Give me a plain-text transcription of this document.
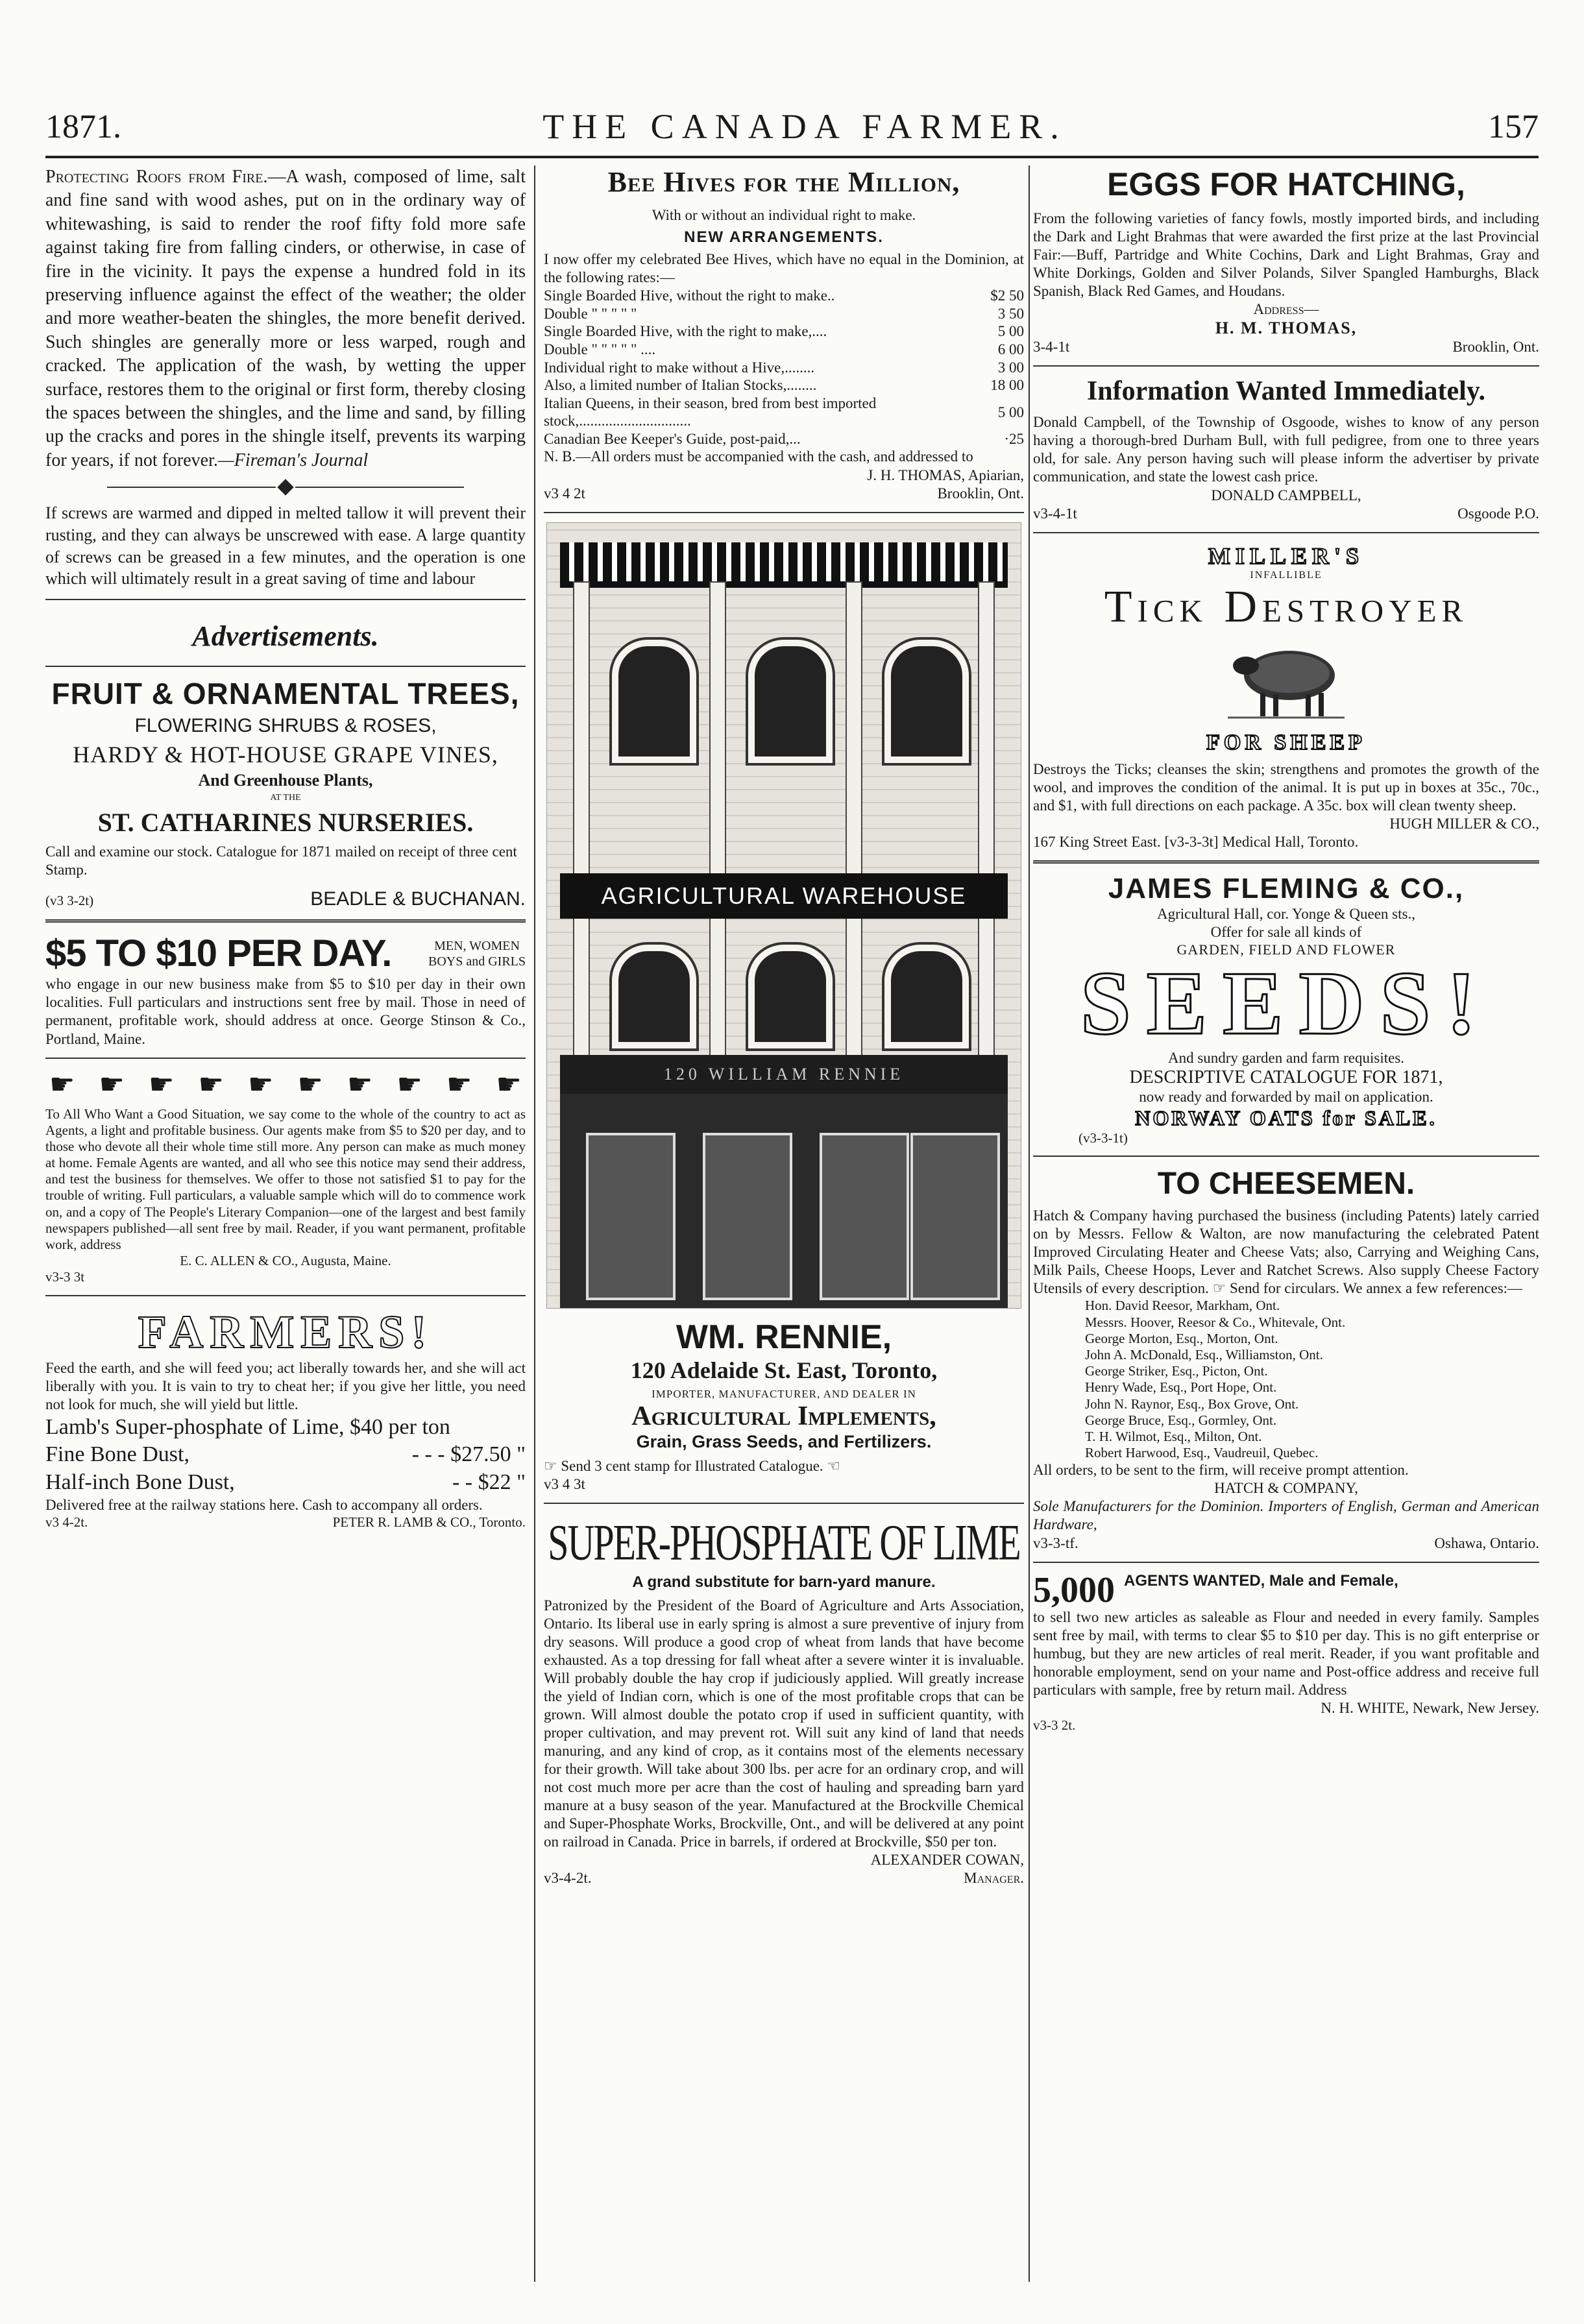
1871.	THE CANADA FARMER.	157

Protecting Roofs from Fire.—A wash, composed of lime, salt and fine sand with wood ashes, put on in the ordinary way of whitewashing, is said to render the roof fifty fold more safe against taking fire from falling cinders, or otherwise, in case of fire in the vicinity. It pays the expense a hundred fold in its preserving influence against the effect of the weather; the older and more weather-beaten the shingles, the more benefit derived. Such shingles are generally more or less warped, rough and cracked. The application of the wash, by wetting the upper surface, restores them to the original or first form, thereby closing the spaces between the shingles, and the lime and sand, by filling up the cracks and pores in the shingle itself, prevents its warping for years, if not forever.—Fireman's Journal

If screws are warmed and dipped in melted tallow it will prevent their rusting, and they can always be unscrewed with ease. A large quantity of screws can be greased in a few minutes, and the operation is one which will ultimately result in a great saving of time and labour
Advertisements.
FRUIT & ORNAMENTAL TREES,
FLOWERING SHRUBS & ROSES,
HARDY & HOT-HOUSE GRAPE VINES,
And Greenhouse Plants,
AT THE
ST. CATHARINES NURSERIES.
Call and examine our stock. Catalogue for 1871 mailed on receipt of three cent Stamp.
(v3 3-2t)	BEADLE & BUCHANAN.
$5 TO $10 PER DAY.	MEN, WOMEN
BOYS and GIRLS
who engage in our new business make from $5 to $10 per day in their own localities. Full particulars and instructions sent free by mail. Those in need of permanent, profitable work, should address at once. George Stinson & Co., Portland, Maine.
☛ ☛ ☛ ☛ ☛ ☛ ☛ ☛ ☛ ☛
To All Who Want a Good Situation, we say come to the whole of the country to act as Agents, a light and profitable business. Our agents make from $5 to $20 per day, and to those who devote all their whole time still more. Any person can make as much money at home. Female Agents are wanted, and all who see this notice may send their address, and test the business for themselves. We offer to those not satisfied $1 to pay for the trouble of writing. Full particulars, a valuable sample which will do to commence work on, and a copy of The People's Literary Companion—one of the largest and best family newspapers published—all sent free by mail. Reader, if you want permanent, profitable work, address
E. C. ALLEN & CO., Augusta, Maine.
v3-3 3t
FARMERS!
Feed the earth, and she will feed you; act liberally towards her, and she will act liberally with you. It is vain to try to cheat her; if you give her little, you need not look for much, she will yield but little.
Lamb's Super-phosphate of Lime, $40 per ton
Fine Bone Dust,	- - - $27.50 "
Half-inch Bone Dust,	- - $22 "
Delivered free at the railway stations here. Cash to accompany all orders.
v3 4-2t.	PETER R. LAMB & CO., Toronto.
Bee Hives for the Million,
With or without an individual right to make.
NEW ARRANGEMENTS.
I now offer my celebrated Bee Hives, which have no equal in the Dominion, at the following rates:—
Single Boarded Hive, without the right to make..	$2 50
Double " " " " "	3 50
Single Boarded Hive, with the right to make,....	5 00
Double " " " " " ....	6 00
Individual right to make without a Hive,........	3 00
Also, a limited number of Italian Stocks,........	18 00
Italian Queens, in their season, bred from best imported stock,..............................	5 00
Canadian Bee Keeper's Guide, post-paid,...	·25
N. B.—All orders must be accompanied with the cash, and addressed to
J. H. THOMAS, Apiarian,
v3 4 2t	Brooklin, Ont.
AGRICULTURAL WAREHOUSE
120 WILLIAM RENNIE
WM. RENNIE,
120 Adelaide St. East, Toronto,
IMPORTER, MANUFACTURER, AND DEALER IN
Agricultural Implements,
Grain, Grass Seeds, and Fertilizers.
☞ Send 3 cent stamp for Illustrated Catalogue. ☜
v3 4 3t
SUPER-PHOSPHATE OF LIME
A grand substitute for barn-yard manure.
Patronized by the President of the Board of Agriculture and Arts Association, Ontario. Its liberal use in early spring is almost a sure preventive of injury from dry seasons. Will produce a good crop of wheat from lands that have become exhausted. As a top dressing for fall wheat after a severe winter it is invaluable. Will probably double the hay crop if judiciously applied. Will greatly increase the yield of Indian corn, which is one of the most profitable crops that can be grown. Will almost double the potato crop if used in sufficient quantity, with proper cultivation, and may prevent rot. Will suit any kind of land that needs manuring, and any kind of crop, as it contains most of the elements necessary for their growth. Will take about 300 lbs. per acre for an ordinary crop, and will not cost much more per acre than the cost of hauling and spreading barn yard manure at a busy season of the year. Manufactured at the Brockville Chemical and Super-Phosphate Works, Brockville, Ont., and will be delivered at any point on railroad in Canada. Price in barrels, if ordered at Brockville, $50 per ton.
ALEXANDER COWAN,
v3-4-2t.	Manager.
EGGS FOR HATCHING,
From the following varieties of fancy fowls, mostly imported birds, and including the Dark and Light Brahmas that were awarded the first prize at the last Provincial Fair:—Buff, Partridge and White Cochins, Dark and Light Brahmas, Gray and White Dorkings, Golden and Silver Polands, Silver Spangled Hamburghs, Black Spanish, Black Red Games, and Houdans.
Address—
H. M. THOMAS,
3-4-1t	Brooklin, Ont.
Information Wanted Immediately.
Donald Campbell, of the Township of Osgoode, wishes to know of any person having a thorough-bred Durham Bull, with full pedigree, from one to three years old, for sale. Any person having such will please inform the advertiser by private communication, and state the lowest cash price.
DONALD CAMPBELL,
v3-4-1t	Osgoode P.O.
MILLER'S
INFALLIBLE
Tick Destroyer
FOR SHEEP
Destroys the Ticks; cleanses the skin; strengthens and promotes the growth of the wool, and improves the condition of the animal. It is put up in boxes at 35c., 70c., and $1, with full directions on each package. A 35c. box will clean twenty sheep.
HUGH MILLER & CO.,
167 King Street East. [v3-3-3t] Medical Hall, Toronto.
JAMES FLEMING & CO.,
Agricultural Hall, cor. Yonge & Queen sts.,
Offer for sale all kinds of
GARDEN, FIELD AND FLOWER
SEEDS!
And sundry garden and farm requisites.
DESCRIPTIVE CATALOGUE FOR 1871,
now ready and forwarded by mail on application.
NORWAY OATS for SALE.
(v3-3-1t)
TO CHEESEMEN.
Hatch & Company having purchased the business (including Patents) lately carried on by Messrs. Fellow & Walton, are now manufacturing the celebrated Patent Improved Circulating Heater and Cheese Vats; also, Carrying and Weighing Cans, Milk Pails, Cheese Hoops, Lever and Ratchet Screws. Also supply Cheese Factory Utensils of every description. ☞ Send for circulars. We annex a few references:—
Hon. David Reesor, Markham, Ont.
Messrs. Hoover, Reesor & Co., Whitevale, Ont.
George Morton, Esq., Morton, Ont.
John A. McDonald, Esq., Williamston, Ont.
George Striker, Esq., Picton, Ont.
Henry Wade, Esq., Port Hope, Ont.
John N. Raynor, Esq., Box Grove, Ont.
George Bruce, Esq., Gormley, Ont.
T. H. Wilmot, Esq., Milton, Ont.
Robert Harwood, Esq., Vaudreuil, Quebec.
All orders, to be sent to the firm, will receive prompt attention.
HATCH & COMPANY,
Sole Manufacturers for the Dominion. Importers of English, German and American Hardware,
v3-3-tf.	Oshawa, Ontario.
5,000 AGENTS WANTED, Male and Female,
to sell two new articles as saleable as Flour and needed in every family. Samples sent free by mail, with terms to clear $5 to $10 per day. This is no gift enterprise or humbug, but they are new articles of real merit. Reader, if you want profitable and honorable employment, send on your name and Post-office address and receive full particulars with sample, free by return mail. Address
N. H. WHITE, Newark, New Jersey.
v3-3 2t.
